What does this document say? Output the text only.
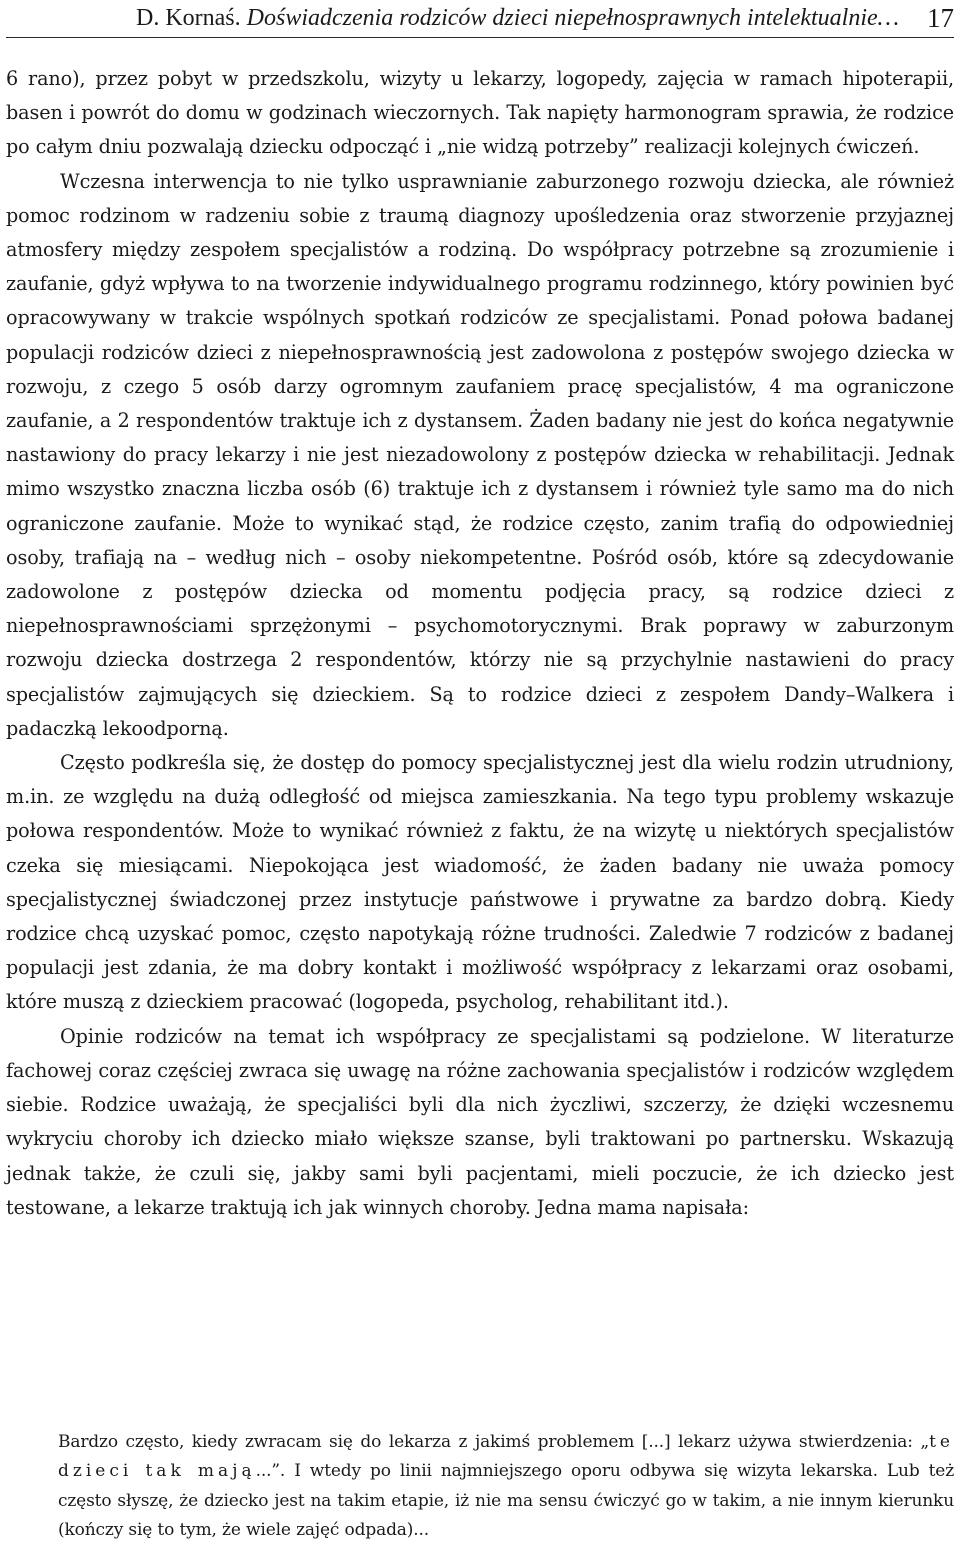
D. Kornaś. Doświadczenia rodziców dzieci niepełnosprawnych intelektualnie… 17

6 rano), przez pobyt w przedszkolu, wizyty u lekarzy, logopedy, zajęcia w ramach hipoterapii, basen i powrót do domu w godzinach wieczornych. Tak napięty harmonogram sprawia, że rodzice po całym dniu pozwalają dziecku odpocząć i „nie widzą potrzeby” realizacji kolejnych ćwiczeń.

Wczesna interwencja to nie tylko usprawnianie zaburzonego rozwoju dziecka, ale również pomoc rodzinom w radzeniu sobie z traumą diagnozy upośledzenia oraz stworzenie przyjaznej atmosfery między zespołem specjalistów a rodziną. Do współpracy potrzebne są zrozumienie i zaufanie, gdyż wpływa to na tworzenie indywidualnego programu rodzinnego, który powinien być opracowywany w trakcie wspólnych spotkań rodziców ze specjalistami. Ponad połowa badanej populacji rodziców dzieci z niepełnosprawnością jest zadowolona z postępów swojego dziecka w rozwoju, z czego 5 osób darzy ogromnym zaufaniem pracę specjalistów, 4 ma ograniczone zaufanie, a 2 respondentów traktuje ich z dystansem. Żaden badany nie jest do końca negatywnie nastawiony do pracy lekarzy i nie jest niezadowolony z postępów dziecka w rehabilitacji. Jednak mimo wszystko znaczna liczba osób (6) traktuje ich z dystansem i również tyle samo ma do nich ograniczone zaufanie. Może to wynikać stąd, że rodzice często, zanim trafią do odpowiedniej osoby, trafiają na – według nich – osoby niekompetentne. Pośród osób, które są zdecydowanie zadowolone z postępów dziecka od momentu podjęcia pracy, są rodzice dzieci z niepełnosprawnościami sprzężonymi – psychomotorycznymi. Brak poprawy w zaburzonym rozwoju dziecka dostrzega 2 respondentów, którzy nie są przychylnie nastawieni do pracy specjalistów zajmujących się dzieckiem. Są to rodzice dzieci z zespołem Dandy–Walkera i padaczką lekoodporną.

Często podkreśla się, że dostęp do pomocy specjalistycznej jest dla wielu rodzin utrudniony, m.in. ze względu na dużą odległość od miejsca zamieszkania. Na tego typu problemy wskazuje połowa respondentów. Może to wynikać również z faktu, że na wizytę u niektórych specjalistów czeka się miesiącami. Niepokojąca jest wiadomość, że żaden badany nie uważa pomocy specjalistycznej świadczonej przez instytucje państwowe i prywatne za bardzo dobrą. Kiedy rodzice chcą uzyskać pomoc, często napotykają różne trudności. Zaledwie 7 rodziców z badanej populacji jest zdania, że ma dobry kontakt i możliwość współpracy z lekarzami oraz osobami, które muszą z dzieckiem pracować (logopeda, psycholog, rehabilitant itd.).

Opinie rodziców na temat ich współpracy ze specjalistami są podzielone. W literaturze fachowej coraz częściej zwraca się uwagę na różne zachowania specjalistów i rodziców względem siebie. Rodzice uważają, że specjaliści byli dla nich życzliwi, szczerzy, że dzięki wczesnemu wykryciu choroby ich dziecko miało większe szanse, byli traktowani po partnersku. Wskazują jednak także, że czuli się, jakby sami byli pacjentami, mieli poczucie, że ich dziecko jest testowane, a lekarze traktują ich jak winnych choroby. Jedna mama napisała:

Bardzo często, kiedy zwracam się do lekarza z jakimś problemem [...] lekarz używa stwierdzenia: „te dzieci tak mają...”. I wtedy po linii najmniejszego oporu odbywa się wizyta lekarska. Lub też często słyszę, że dziecko jest na takim etapie, iż nie ma sensu ćwiczyć go w takim, a nie innym kierunku (kończy się to tym, że wiele zajęć odpada)...
